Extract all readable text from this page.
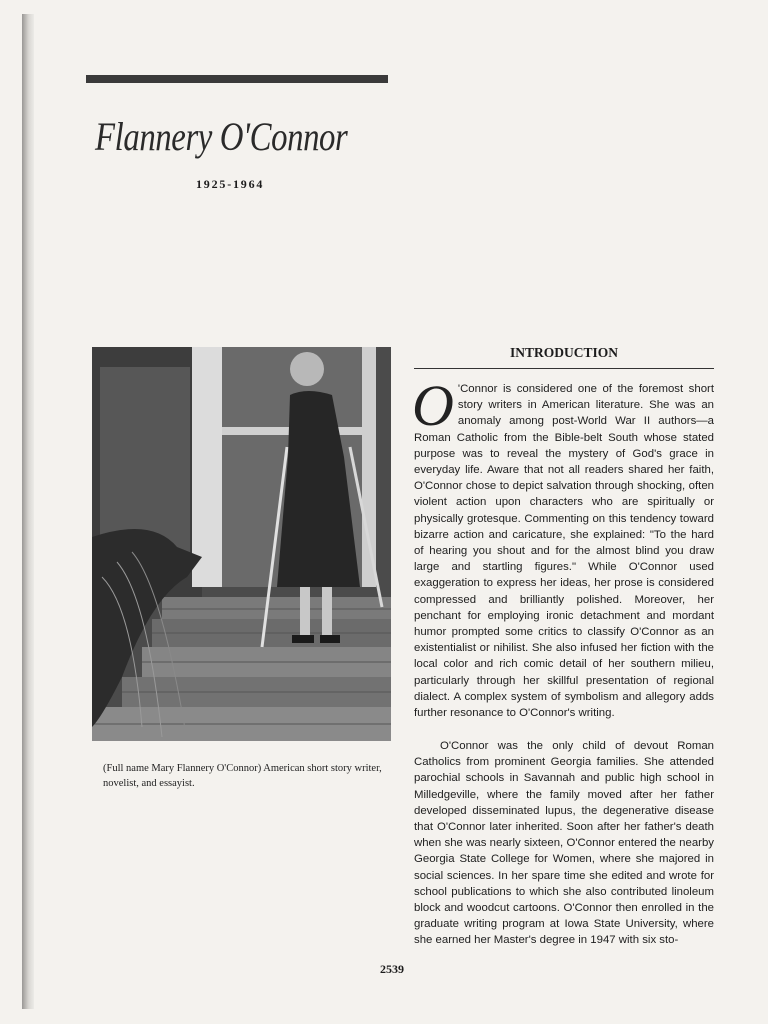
Flannery O'Connor

1925-1964

(Full name Mary Flannery O'Connor) American short story writer, novelist, and essayist.

INTRODUCTION
O 'Connor is considered one of the foremost short story writers in American literature. She was an anomaly among post-World War II authors—a Roman Catholic from the Bible-belt South whose stated purpose was to reveal the mystery of God's grace in everyday life. Aware that not all readers shared her faith, O'Connor chose to depict salvation through shocking, often violent action upon characters who are spiritually or physically grotesque. Commenting on this tendency toward bizarre action and caricature, she explained: "To the hard of hearing you shout and for the almost blind you draw large and startling figures." While O'Connor used exaggeration to express her ideas, her prose is considered compressed and brilliantly polished. Moreover, her penchant for employing ironic detachment and mordant humor prompted some critics to classify O'Connor as an existentialist or nihilist. She also infused her fiction with the local color and rich comic detail of her southern milieu, particularly through her skillful presentation of regional dialect. A complex system of symbolism and allegory adds further resonance to O'Connor's writing.
O'Connor was the only child of devout Roman Catholics from prominent Georgia families. She attended parochial schools in Savannah and public high school in Milledgeville, where the family moved after her father developed disseminated lupus, the degenerative disease that O'Connor later inherited. Soon after her father's death when she was nearly sixteen, O'Connor entered the nearby Georgia State College for Women, where she majored in social sciences. In her spare time she edited and wrote for school publications to which she also contributed linoleum block and woodcut cartoons. O'Connor then enrolled in the graduate writing program at Iowa State University, where she earned her Master's degree in 1947 with six sto-

2539
